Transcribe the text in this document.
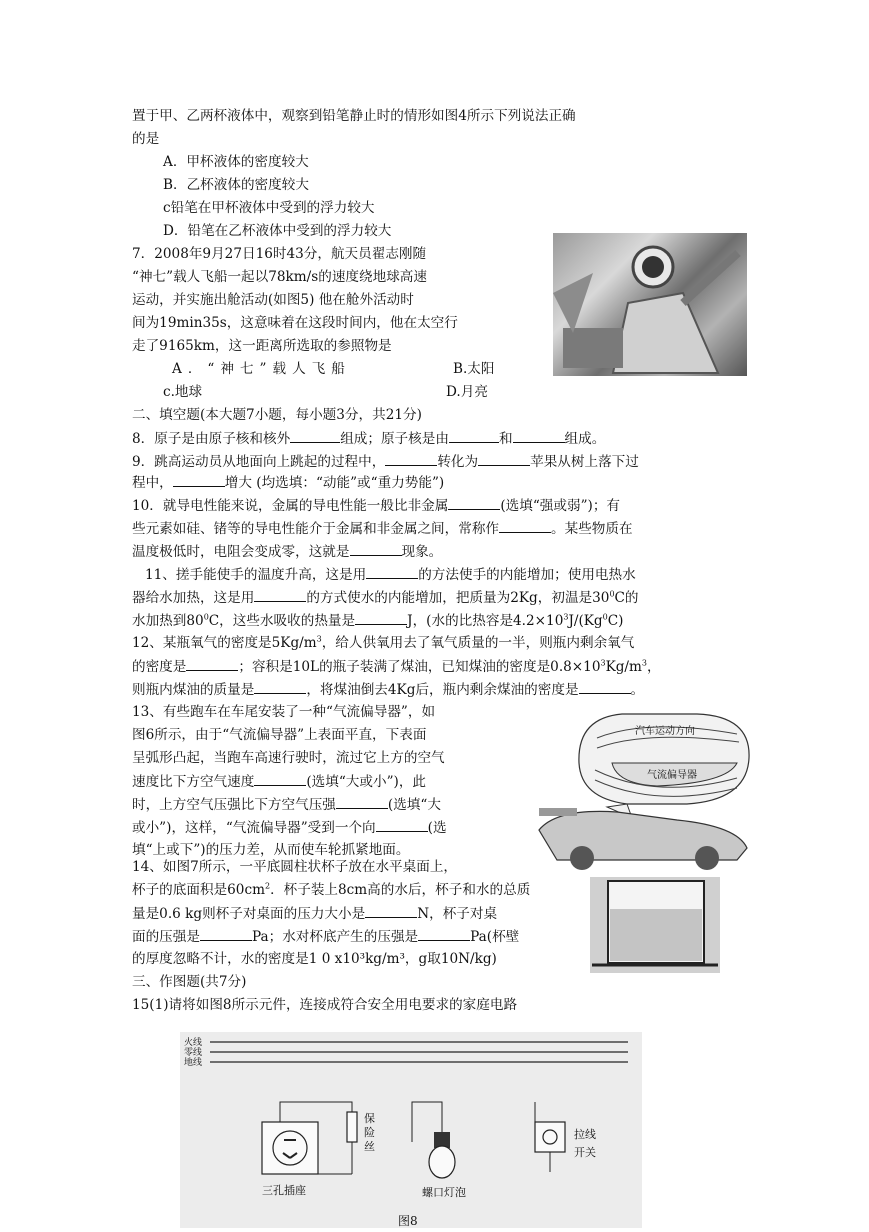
置于甲、乙两杯液体中，观察到铅笔静止时的情形如图4所示下列说法正确
的是
A．甲杯液体的密度较大
B．乙杯液体的密度较大
c铅笔在甲杯液体中受到的浮力较大
D．铅笔在乙杯液体中受到的浮力较大
7．2008年9月27日16时43分，航天员翟志刚随
“神七”载人飞船一起以78km/s的速度绕地球高速
运动，并实施出舱活动(如图5) 他在舱外活动时
间为19min35s，这意味着在这段时间内，他在太空行
走了9165km，这一距离所选取的参照物是
A．“神七”载人飞船	B.太阳
c.地球	D.月亮
二、填空题(本大题7小题，每小题3分，共21分)
8．原子是由原子核和核外	组成；原子核是由	和	组成。
9．跳高运动员从地面向上跳起的过程中，	转化为	苹果从树上落下过
程中，	增大 (均选填：“动能”或“重力势能”)
10．就导电性能来说，金属的导电性能一般比非金属	(选填“强或弱”)；有
些元素如硅、锗等的导电性能介于金属和非金属之间，常称作	。某些物质在
温度极低时，电阻会变成零，这就是	现象。
11、搓手能使手的温度升高，这是用	的方法使手的内能增加；使用电热水
器给水加热，这是用	的方式使水的内能增加，把质量为2Kg，初温是$30^0C$的
水加热到$80^0C$，这些水吸收的热量是	J，(水的比热容是$4.2\times 10^3J/(Kg^0C)$
12、某瓶氧气的密度是$5Kg/m^3$，给人供氧用去了氧气质量的一半，则瓶内剩余氧气
的密度是	；容积是10L的瓶子装满了煤油，已知煤油的密度是$0.8\times 10^3Kg/m^3$，
则瓶内煤油的质量是	，将煤油倒去4Kg后，瓶内剩余煤油的密度是	。
13、有些跑车在车尾安装了一种“气流偏导器”，如
图6所示，由于“气流偏导器”上表面平直，下表面
呈弧形凸起，当跑车高速行驶时，流过它上方的空气
速度比下方空气速度	(选填“大或小”)，此
时，上方空气压强比下方空气压强	(选填“大
或小”)，这样，“气流偏导器”受到一个向	(选
填“上或下”)的压力差，从而使车轮抓紧地面。
汽车运动方向
气流偏导器
14、如图7所示，一平底圆柱状杯子放在水平桌面上，
杯子的底面积是$60cm^2$．杯子装上8cm高的水后，杯子和水的总质
量是0.6 kg则杯子对桌面的压力大小是	N，杯子对桌
面的压强是	Pa；水对杯底产生的压强是	Pa(杯壁
的厚度忽略不计，水的密度是1 0 x10³kg/m³，g取10N/kg)
三、作图题(共7分)
15(1)请将如图8所示元件，连接成符合安全用电要求的家庭电路
火线
零线
地线
保
险
丝
三孔插座	螺口灯泡
拉线
开关
图8
